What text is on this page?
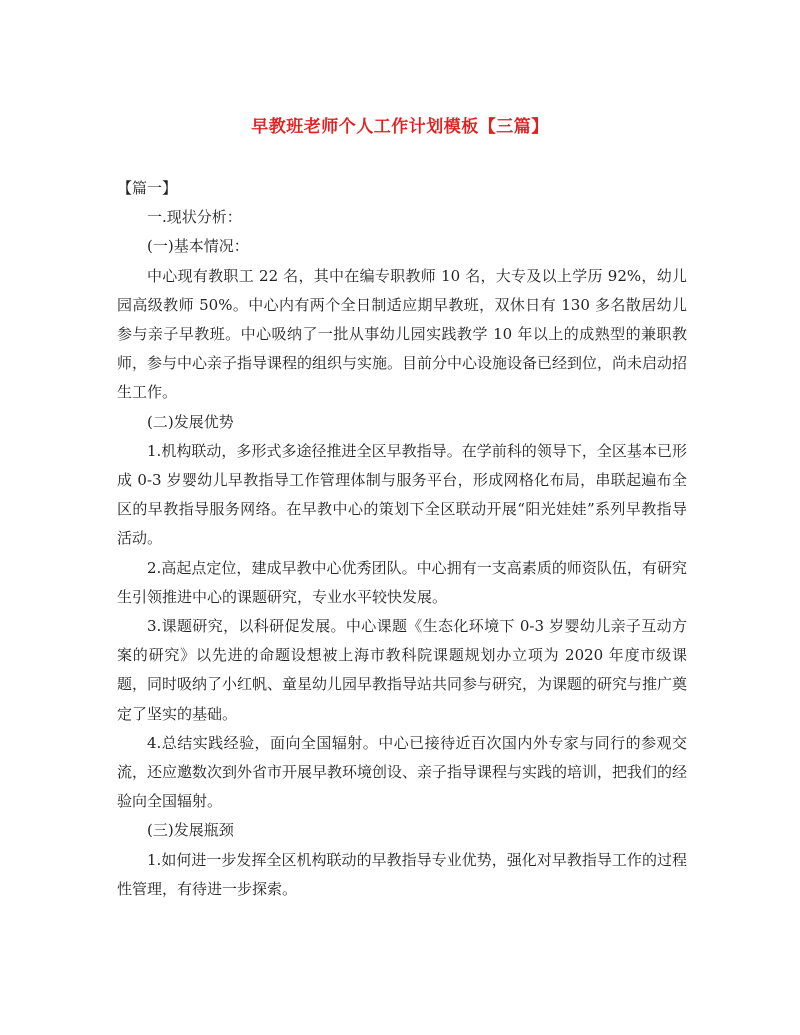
早教班老师个人工作计划模板【三篇】

【篇一】

一.现状分析：

(一)基本情况：

中心现有教职工 22 名，其中在编专职教师 10 名，大专及以上学历 92%，幼儿园高级教师 50%。中心内有两个全日制适应期早教班，双休日有 130 多名散居幼儿参与亲子早教班。中心吸纳了一批从事幼儿园实践教学 10 年以上的成熟型的兼职教师，参与中心亲子指导课程的组织与实施。目前分中心设施设备已经到位，尚未启动招生工作。

(二)发展优势

1.机构联动，多形式多途径推进全区早教指导。在学前科的领导下，全区基本已形成 0-3 岁婴幼儿早教指导工作管理体制与服务平台，形成网格化布局，串联起遍布全区的早教指导服务网络。在早教中心的策划下全区联动开展“阳光娃娃”系列早教指导活动。

2.高起点定位，建成早教中心优秀团队。中心拥有一支高素质的师资队伍，有研究生引领推进中心的课题研究，专业水平较快发展。

3.课题研究，以科研促发展。中心课题《生态化环境下 0-3 岁婴幼儿亲子互动方案的研究》以先进的命题设想被上海市教科院课题规划办立项为 2020 年度市级课题，同时吸纳了小红帆、童星幼儿园早教指导站共同参与研究，为课题的研究与推广奠定了坚实的基础。

4.总结实践经验，面向全国辐射。中心已接待近百次国内外专家与同行的参观交流，还应邀数次到外省市开展早教环境创设、亲子指导课程与实践的培训，把我们的经验向全国辐射。

(三)发展瓶颈

1.如何进一步发挥全区机构联动的早教指导专业优势，强化对早教指导工作的过程性管理，有待进一步探索。
